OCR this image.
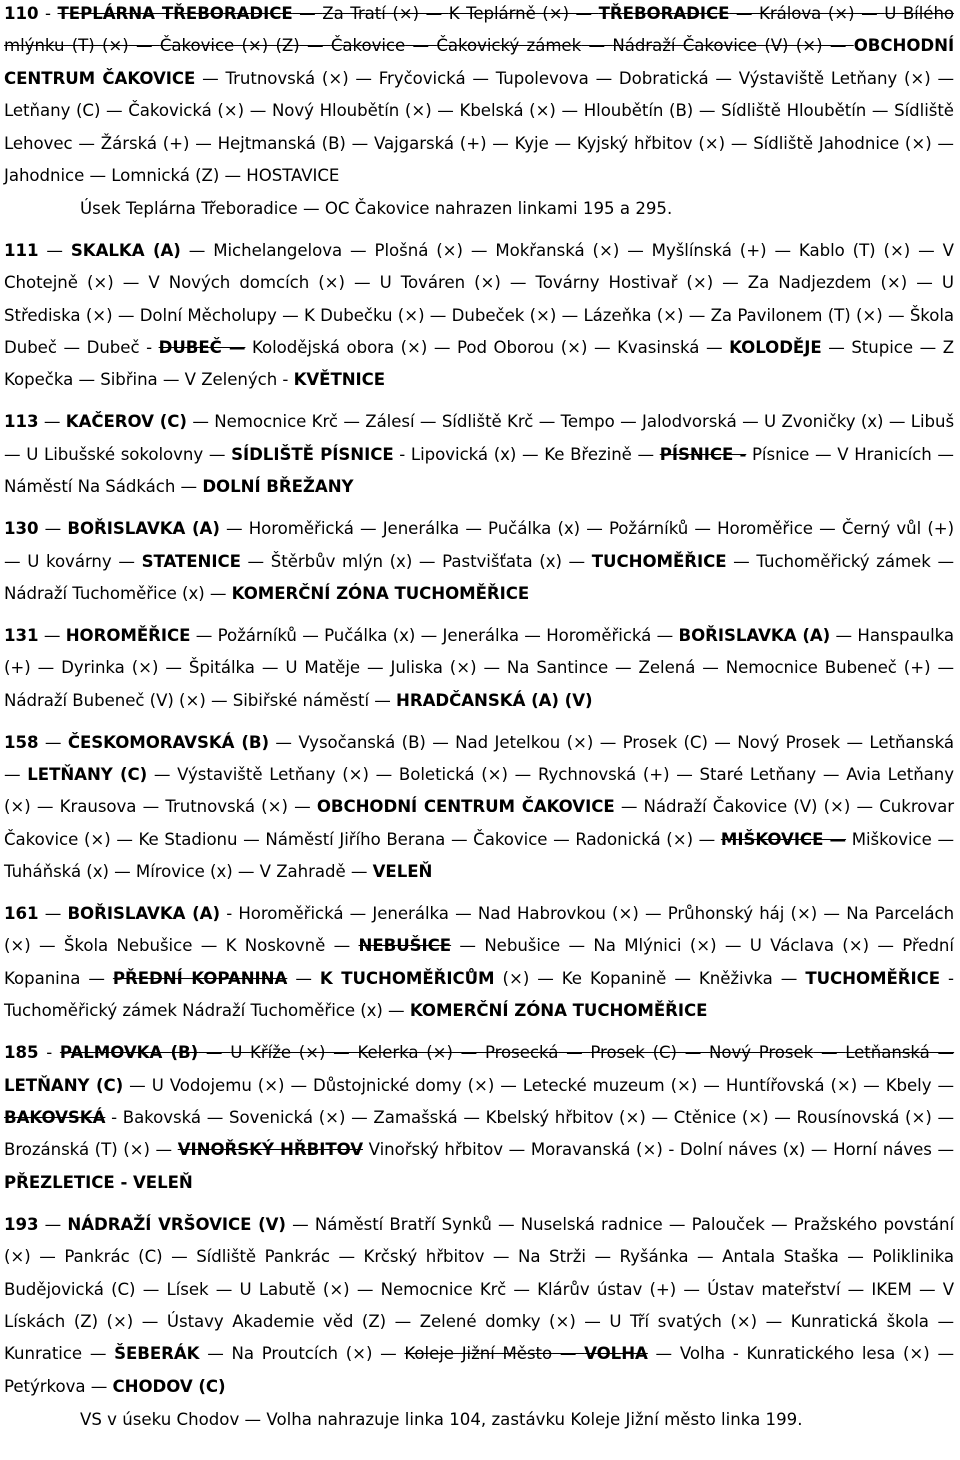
110 - TEPLÁRNA TŘEBORADICE — Za Tratí (×) — K Teplárně (×) — TŘEBORADICE — Králova (×) — U Bílého mlýnku (T) (×) — Čakovice (×) (Z) — Čakovice — Čakovický zámek — Nádraží Čakovice (V) (×) — OBCHODNÍ CENTRUM ČAKOVICE — Trutnovská (×) — Fryčovická — Tupolevova — Dobratická — Výstaviště Letňany (×) — Letňany (C) — Čakovická (×) — Nový Hloubětín (×) — Kbelská (×) — Hloubětín (B) — Sídliště Hloubětín — Sídliště Lehovec — Žárská (+) — Hejtmanská (B) — Vajgarská (+) — Kyje — Kyjský hřbitov (×) — Sídliště Jahodnice (×) — Jahodnice — Lomnická (Z) — HOSTAVICE

Úsek Teplárna Třeboradice — OC Čakovice nahrazen linkami 195 a 295.

111 — SKALKA (A) — Michelangelova — Plošná (×) — Mokřanská (×) — Myšlínská (+) — Kablo (T) (×) — V Chotejně (×) — V Nových domcích (×) — U Továren (×) — Továrny Hostivař (×) — Za Nadjezdem (×) — U Střediska (×) — Dolní Měcholupy — K Dubečku (×) — Dubeček (×) — Lázeňka (×) — Za Pavilonem (T) (×) — Škola Dubeč — Dubeč - DUBEČ — Kolodějská obora (×) — Pod Oborou (×) — Kvasinská — KOLODĚJE — Stupice — Z Kopečka — Sibřina — V Zelených - KVĚTNICE

113 — KAČEROV (C) — Nemocnice Krč — Zálesí — Sídliště Krč — Tempo — Jalodvorská — U Zvoničky (x) — Libuš — U Libušské sokolovny — SÍDLIŠTĚ PÍSNICE - Lipovická (x) — Ke Březině — PÍSNICE - Písnice — V Hranicích — Náměstí Na Sádkách — DOLNÍ BŘEŽANY

130 — BOŘISLAVKA (A) — Horoměřická — Jenerálka — Pučálka (x) — Požárníků — Horoměřice — Černý vůl (+) — U kovárny — STATENICE — Štěrbův mlýn (x) — Pastvišťata (x) — TUCHOMĚŘICE — Tuchoměřický zámek — Nádraží Tuchoměřice (x) — KOMERČNÍ ZÓNA TUCHOMĚŘICE

131 — HOROMĚŘICE — Požárníků — Pučálka (x) — Jenerálka — Horoměřická — BOŘISLAVKA (A) — Hanspaulka (+) — Dyrinka (×) — Špitálka — U Matěje — Juliska (×) — Na Santince — Zelená — Nemocnice Bubeneč (+) — Nádraží Bubeneč (V) (×) — Sibiřské náměstí — HRADČANSKÁ (A) (V)

158 — ČESKOMORAVSKÁ (B) — Vysočanská (B) — Nad Jetelkou (×) — Prosek (C) — Nový Prosek — Letňanská — LETŇANY (C) — Výstaviště Letňany (×) — Boletická (×) — Rychnovská (+) — Staré Letňany — Avia Letňany (×) — Krausova — Trutnovská (×) — OBCHODNÍ CENTRUM ČAKOVICE — Nádraží Čakovice (V) (×) — Cukrovar Čakovice (×) — Ke Stadionu — Náměstí Jiřího Berana — Čakovice — Radonická (×) — MIŠKOVICE — Miškovice — Tuháňská (x) — Mírovice (x) — V Zahradě — VELEŇ

161 — BOŘISLAVKA (A) - Horoměřická — Jenerálka — Nad Habrovkou (×) — Průhonský háj (×) — Na Parcelách (×) — Škola Nebušice — K Noskovně — NEBUŠICE — Nebušice — Na Mlýnici (×) — U Václava (×) — Přední Kopanina — PŘEDNÍ KOPANINA — K TUCHOMĚŘICŮM (×) — Ke Kopanině — Kněživka — TUCHOMĚŘICE - Tuchoměřický zámek Nádraží Tuchoměřice (x) — KOMERČNÍ ZÓNA TUCHOMĚŘICE

185 - PALMOVKA (B) — U Kříže (×) — Kelerka (×) — Prosecká — Prosek (C) — Nový Prosek — Letňanská — LETŇANY (C) — U Vodojemu (×) — Důstojnické domy (×) — Letecké muzeum (×) — Huntířovská (×) — Kbely — BAKOVSKÁ - Bakovská — Sovenická (×) — Zamašská — Kbelský hřbitov (×) — Ctěnice (×) — Rousínovská (×) — Brozánská (T) (×) — VINOŘSKÝ HŘBITOV Vinořský hřbitov — Moravanská (×) - Dolní náves (x) — Horní náves — PŘEZLETICE - VELEŇ

193 — NÁDRAŽÍ VRŠOVICE (V) — Náměstí Bratří Synků — Nuselská radnice — Palouček — Pražského povstání (×) — Pankrác (C) — Sídliště Pankrác — Krčský hřbitov — Na Strži — Ryšánka — Antala Staška — Poliklinika Budějovická (C) — Lísek — U Labutě (×) — Nemocnice Krč — Klárův ústav (+) — Ústav mateřství — IKEM — V Lískách (Z) (×) — Ústavy Akademie věd (Z) — Zelené domky (×) — U Tří svatých (×) — Kunratická škola — Kunratice — ŠEBERÁK — Na Proutcích (×) — Koleje Jižní Město — VOLHA — Volha - Kunratického lesa (×) — Petýrkova — CHODOV (C)

VS v úseku Chodov — Volha nahrazuje linka 104, zastávku Koleje Jižní město linka 199.
